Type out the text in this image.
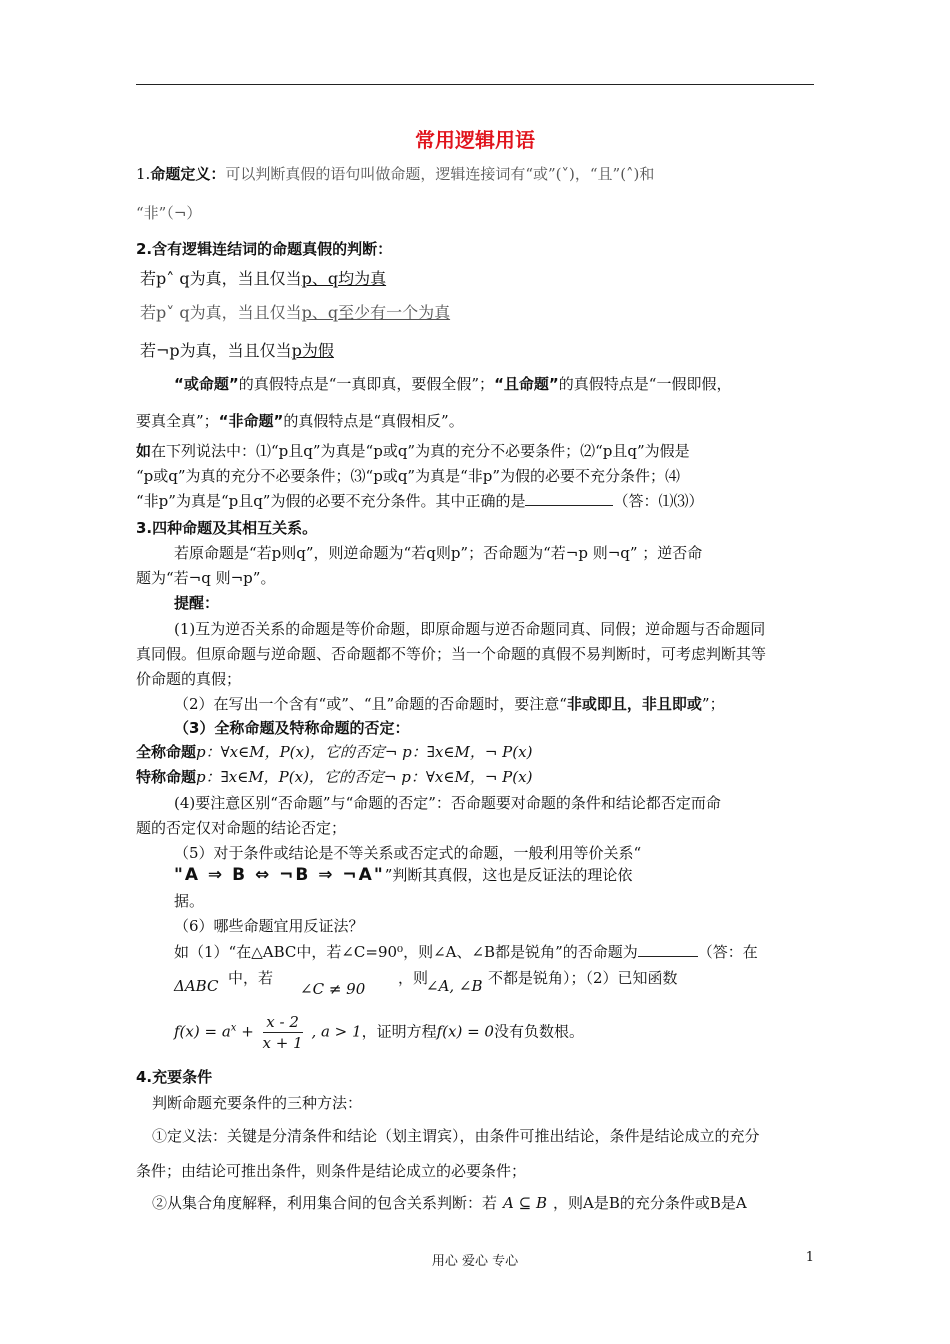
常用逻辑用语
1.命题定义：可以判断真假的语句叫做命题，逻辑连接词有“或”(˅)，“且”(˄)和
“非”（¬）
2.含有逻辑连结词的命题真假的判断：
若p˄ q为真，当且仅当p、q均为真
若p˅ q为真，当且仅当p、q至少有一个为真
若¬p为真，当且仅当p为假
“或命题”的真假特点是“一真即真，要假全假”；“且命题”的真假特点是“一假即假，
要真全真”；“非命题”的真假特点是“真假相反”。
如在下列说法中：⑴“p且q”为真是“p或q”为真的充分不必要条件；⑵“p且q”为假是
“p或q”为真的充分不必要条件；⑶“p或q”为真是“非p”为假的必要不充分条件；⑷
“非p”为真是“p且q”为假的必要不充分条件。其中正确的是	（答：⑴⑶）
3.四种命题及其相互关系。
若原命题是“若p则q”，则逆命题为“若q则p”；否命题为“若¬p 则¬q” ；逆否命
题为“若¬q 则¬p”。
提醒：
(1)互为逆否关系的命题是等价命题，即原命题与逆否命题同真、同假；逆命题与否命题同
真同假。但原命题与逆命题、否命题都不等价；当一个命题的真假不易判断时，可考虑判断其等
价命题的真假；
（2）在写出一个含有“或”、“且”命题的否命题时，要注意“非或即且，非且即或”；
（3）全称命题及特称命题的否定：
全称命题p：∀x∈M，P(x)，它的否定¬ p：∃x∈M，¬ P(x)
特称命题p：∃x∈M，P(x)，它的否定¬ p：∀x∈M，¬ P(x)
(4)要注意区别“否命题”与“命题的否定”：否命题要对命题的条件和结论都否定而命
题的否定仅对命题的结论否定；
（5）对于条件或结论是不等关系或否定式的命题，一般利用等价关系“
"A ⇒ B ⇔ ¬B ⇒ ¬A"”判断其真假，这也是反证法的理论依
据。
（6）哪些命题宜用反证法？
如（1）“在△ABC中，若∠C=90⁰，则∠A、∠B都是锐角”的否命题为	（答：在
ΔABC 中，若
∠C ≠ 90
，则
∠A, ∠B 不都是锐角）；（2）已知函数
$f(x) = a^x + \frac{x - 2}{x + 1}$ , a > 1，证明方程f(x) = 0没有负数根。
4.充要条件
判断命题充要条件的三种方法：
①定义法：关键是分清条件和结论（划主谓宾），由条件可推出结论，条件是结论成立的充分
条件；由结论可推出条件，则条件是结论成立的必要条件；
②从集合角度解释，利用集合间的包含关系判断：若 A ⊆ B ，则A是B的充分条件或B是A
用心 爱心 专心	1
